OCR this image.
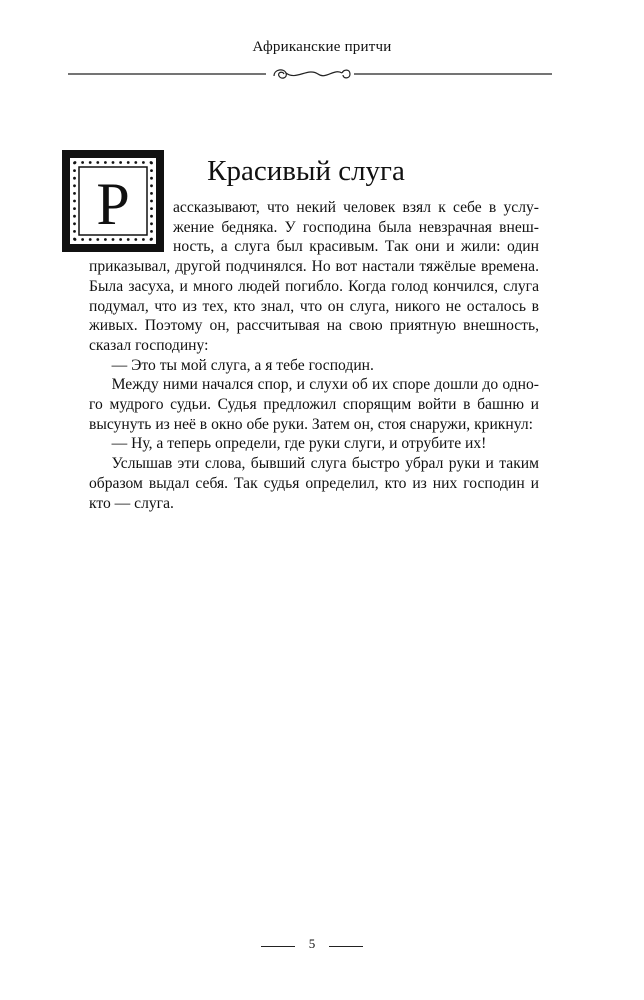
Африканские притчи
Красивый слуга
Р	ассказывают, что некий человек взял к себе в услужение бедняка. У господина была невзрачная внешность, а слуга был красивым. Так они и жили: один приказывал, другой подчинялся. Но вот настали тяжёлые времена. Была засуха, и много людей погибло. Когда голод кончился, слуга подумал, что из тех, кто знал, что он слуга, никого не осталось в живых. Поэтому он, рассчитывая на свою приятную внешность, сказал господину:

— Это ты мой слуга, а я тебе господин.

Между ними начался спор, и слухи об их споре дошли до одного мудрого судьи. Судья предложил спорящим войти в башню и высунуть из неё в окно обе руки. Затем он, стоя снаружи, крикнул:

— Ну, а теперь определи, где руки слуги, и отрубите их!

Услышав эти слова, бывший слуга быстро убрал руки и таким образом выдал себя. Так судья определил, кто из них господин и кто — слуга.

5
